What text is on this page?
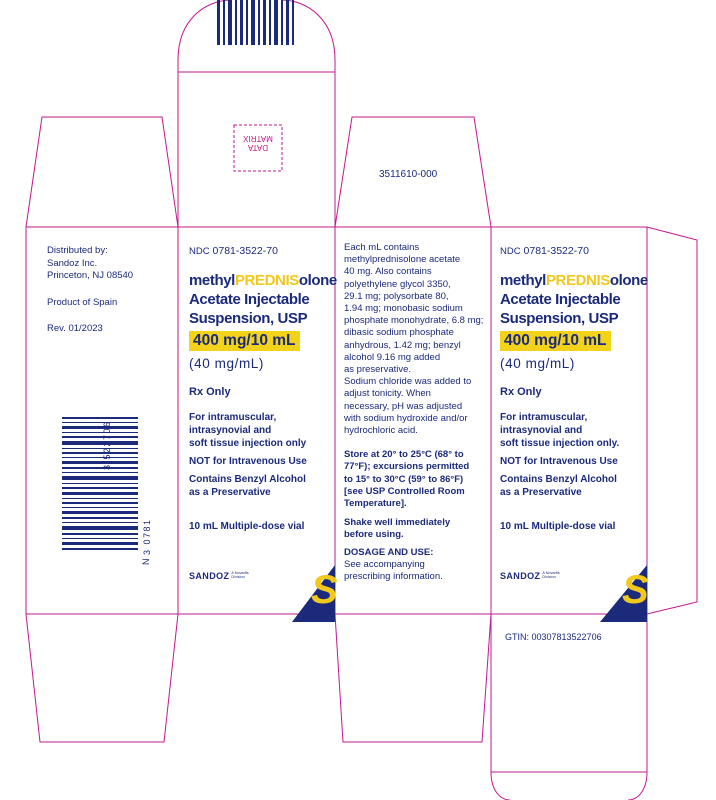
DATA
MATRIX
3511610-000
Distributed by:
Sandoz Inc.
Princeton, NJ 08540
Product of Spain
Rev. 01/2023
3 522706
3 0781
N
NDC 0781-3522-70
methylPREDNISolone
Acetate Injectable
Suspension, USP
400 mg/10 mL
(40 mg/mL)
Rx Only
For intramuscular,
intrasynovial and
soft tissue injection only
NOT for Intravenous Use
Contains Benzyl Alcohol
as a Preservative
10 mL Multiple-dose vial
SANDOZ A Novartis
Division	S
Each mL contains
methylprednisolone acetate
40 mg. Also contains
polyethylene glycol 3350,
29.1 mg; polysorbate 80,
1.94 mg; monobasic sodium
phosphate monohydrate, 6.8 mg;
dibasic sodium phosphate
anhydrous, 1.42 mg; benzyl
alcohol 9.16 mg added
as preservative.
Sodium chloride was added to
adjust tonicity. When
necessary, pH was adjusted
with sodium hydroxide and/or
hydrochloric acid.
Store at 20° to 25°C (68° to
77°F); excursions permitted
to 15° to 30°C (59° to 86°F)
[see USP Controlled Room
Temperature].
Shake well immediately
before using.
DOSAGE AND USE:
See accompanying
prescribing information.
NDC 0781-3522-70
methylPREDNISolone
Acetate Injectable
Suspension, USP
400 mg/10 mL
(40 mg/mL)
Rx Only
For intramuscular,
intrasynovial and
soft tissue injection only.
NOT for Intravenous Use
Contains Benzyl Alcohol
as a Preservative
10 mL Multiple-dose vial
SANDOZ A Novartis
Division	S
GTIN: 00307813522706
